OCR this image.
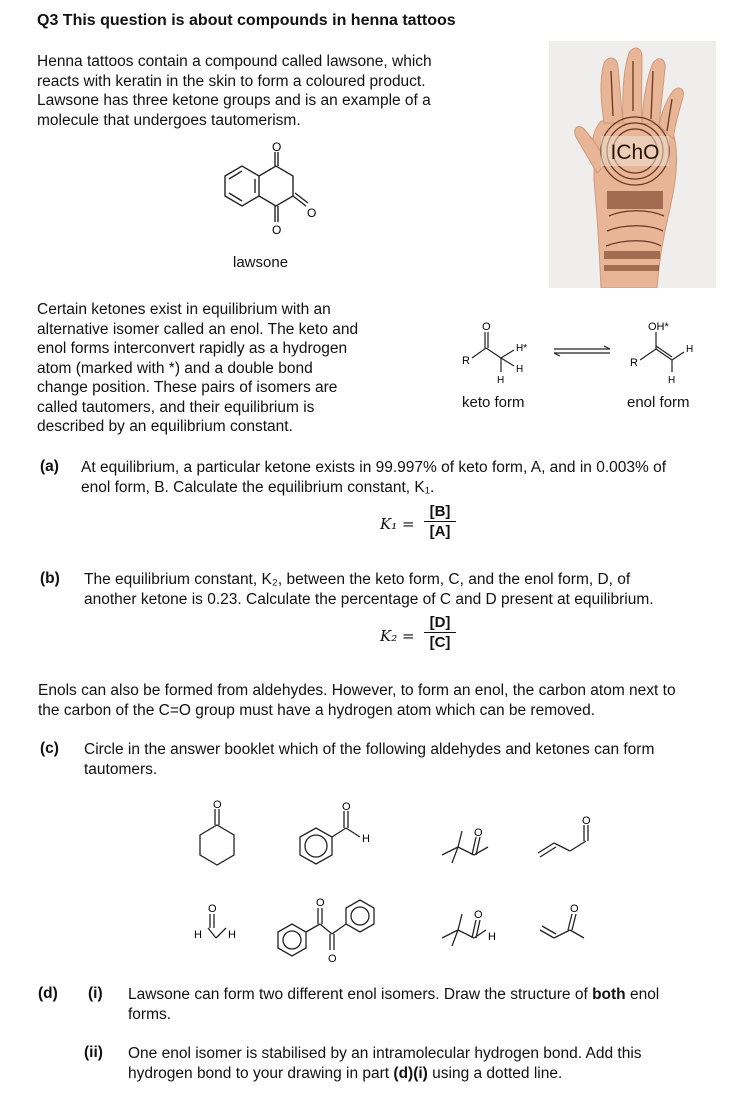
Q3 This question is about compounds in henna tattoos
Henna tattoos contain a compound called lawsone, which
reacts with keratin in the skin to form a coloured product.
Lawsone has three ketone groups and is an example of a
molecule that undergoes tautomerism.
O
O
O
lawsone
IChO
Certain ketones exist in equilibrium with an
alternative isomer called an enol. The keto and
enol forms interconvert rapidly as a hydrogen
atom (marked with *) and a double bond
change position. These pairs of isomers are
called tautomers, and their equilibrium is
described by an equilibrium constant.
O
R
H*
H
H
OH*
R
H
H
keto form	enol form
(a) At equilibrium, a particular ketone exists in 99.997% of keto form, A, and in 0.003% of
enol form, B. Calculate the equilibrium constant, K₁.
K₁ =
[B]
[A]
(b) The equilibrium constant, K₂, between the keto form, C, and the enol form, D, of
another ketone is 0.23. Calculate the percentage of C and D present at equilibrium.
K₂ =
[D]
[C]
Enols can also be formed from aldehydes. However, to form an enol, the carbon atom next to
the carbon of the C=O group must have a hydrogen atom which can be removed.
(c) Circle in the answer booklet which of the following aldehydes and ketones can form
tautomers.
O	O
H	O
O
O
H H
O
O
O
H
O
(d) (i) Lawsone can form two different enol isomers. Draw the structure of both enol
forms.
(ii) One enol isomer is stabilised by an intramolecular hydrogen bond. Add this
hydrogen bond to your drawing in part (d)(i) using a dotted line.
